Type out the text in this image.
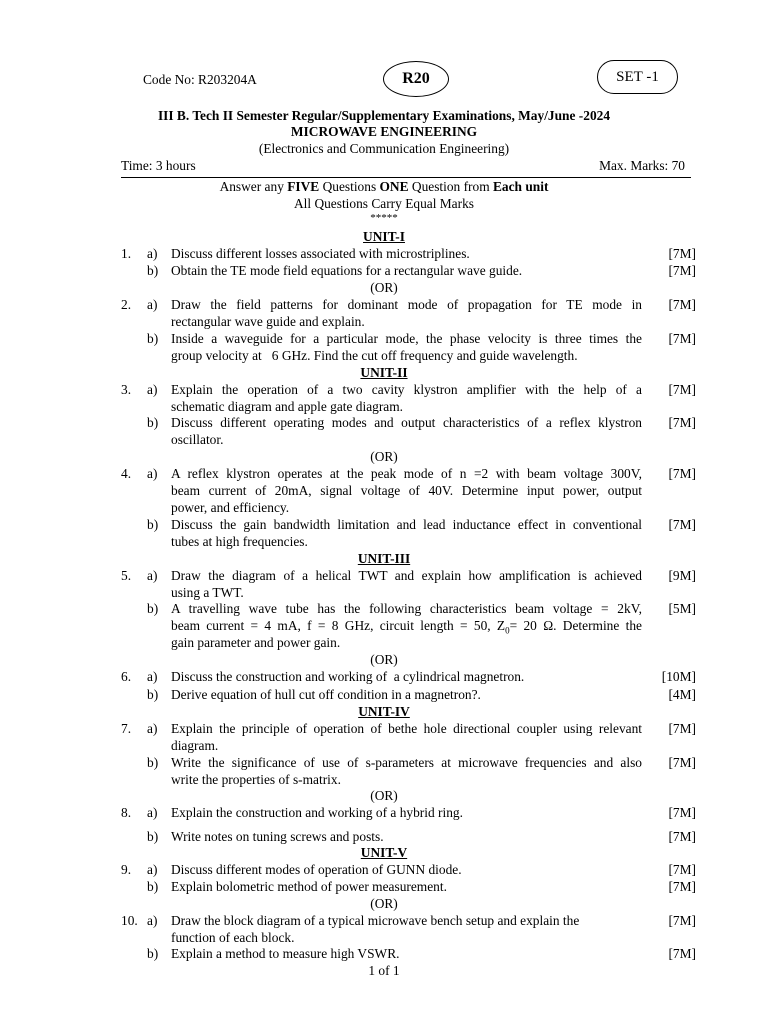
Code No: R203204A	R20	SET -1
III B. Tech II Semester Regular/Supplementary Examinations, May/June -2024
MICROWAVE ENGINEERING
(Electronics and Communication Engineering)
Time: 3 hours	Max. Marks: 70
Answer any FIVE Questions ONE Question from Each unit
All Questions Carry Equal Marks
*****
UNIT-I
1.	a)	Discuss different losses associated with microstriplines.	[7M]
b) Obtain the TE mode field equations for a rectangular wave guide.	[7M]
(OR)
2.	a)	Draw the field patterns for dominant mode of propagation for TE mode in
rectangular wave guide and explain.
[7M]
b) Inside a waveguide for a particular mode, the phase velocity is three times the
group velocity at   6 GHz. Find the cut off frequency and guide wavelength.
[7M]
UNIT-II
3.	a)	Explain the operation of a two cavity klystron amplifier with the help of a
schematic diagram and apple gate diagram.
[7M]
b) Discuss different operating modes and output characteristics of a reflex klystron
oscillator.
[7M]
(OR)
4.	a)	A reflex klystron operates at the peak mode of n =2 with beam voltage 300V,
beam current of 20mA, signal voltage of 40V. Determine input power, output
power, and efficiency.
[7M]
b) Discuss the gain bandwidth limitation and lead inductance effect in conventional
tubes at high frequencies.
[7M]
UNIT-III
5.	a)	Draw the diagram of a helical TWT and explain how amplification is achieved
using a TWT.
[9M]
b) A travelling wave tube has the following characteristics beam voltage = 2kV,
beam current = 4 mA, f = 8 GHz, circuit length = 50, $Z_0= 20$ Ω. Determine the
gain parameter and power gain.
[5M]
(OR)
6.	a)	Discuss the construction and working of  a cylindrical magnetron.	[10M]
b) Derive equation of hull cut off condition in a magnetron?.	[4M]
UNIT-IV
7.	a)	Explain the principle of operation of bethe hole directional coupler using relevant
diagram.
[7M]
b) Write the significance of use of s-parameters at microwave frequencies and also
write the properties of s-matrix.
[7M]
(OR)
8.	a)	Explain the construction and working of a hybrid ring.	[7M]
b) Write notes on tuning screws and posts.	[7M]
UNIT-V
9.	a)	Discuss different modes of operation of GUNN diode.	[7M]
b) Explain bolometric method of power measurement.	[7M]
(OR)
10. a)	Draw the block diagram of a typical microwave bench setup and explain the
function of each block.
[7M]
b) Explain a method to measure high VSWR.	[7M]
1 of 1
